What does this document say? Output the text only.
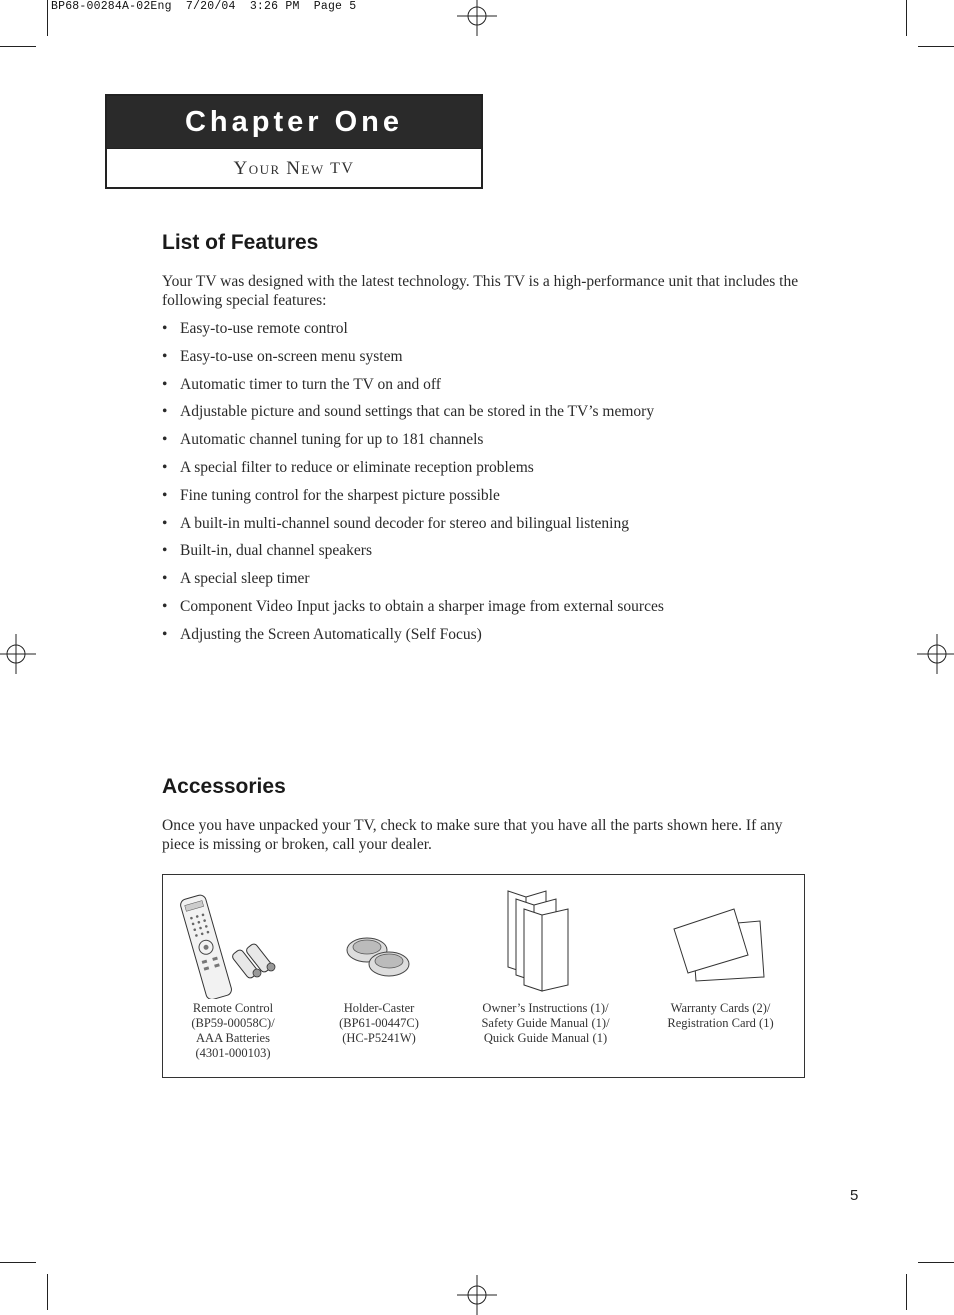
BP68-00284A-02Eng  7/20/04  3:26 PM  Page 5
Chapter One
Your
New
TV
List of Features

Your TV was designed with the latest technology. This TV is a high-performance unit that includes the following special features:

• Easy-to-use remote control
• Easy-to-use on-screen menu system
• Automatic timer to turn the TV on and off
• Adjustable picture and sound settings that can be stored in the TV’s memory
• Automatic channel tuning for up to 181 channels
• A special filter to reduce or eliminate reception problems
• Fine tuning control for the sharpest picture possible
• A built-in multi-channel sound decoder for stereo and bilingual listening
• Built-in, dual channel speakers
• A special sleep timer
• Component Video Input jacks to obtain a sharper image from external sources
• Adjusting the Screen Automatically (Self Focus)
Accessories

Once you have unpacked your TV, check to make sure that you have all the parts shown here. If any piece is missing or broken, call your dealer.

Remote Control
(BP59-00058C)/
AAA Batteries
(4301-000103)
Holder-Caster
(BP61-00447C)
(HC-P5241W)
Owner’s Instructions (1)/
Safety Guide Manual (1)/
Quick Guide Manual (1)
Warranty Cards (2)/
Registration Card (1)
5
